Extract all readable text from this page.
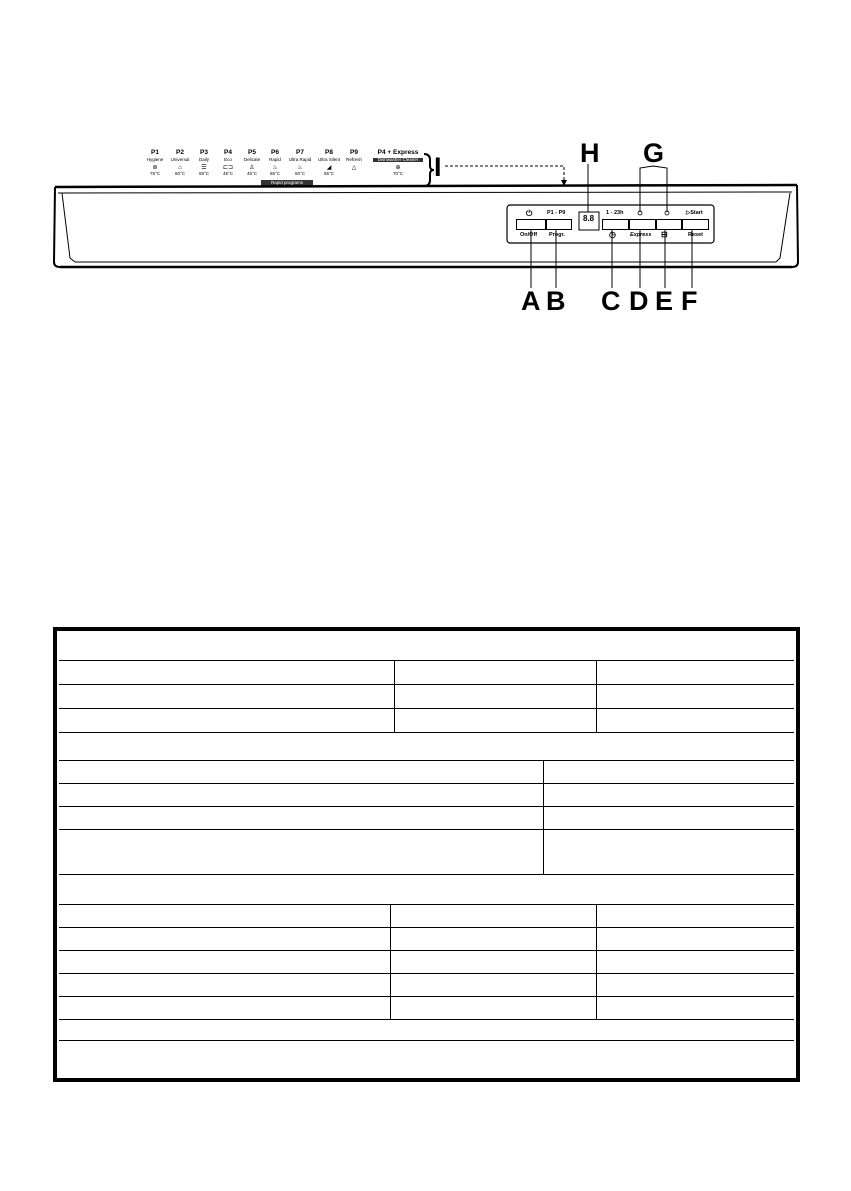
P1
Hygiene
⊛
75°C
P2
Universal
⌂
60°C
P3
Daily
☰
55°C
P4
Eco
⊏⊐
45°C
P5
Delicate
♙
45°C
P6
Rapid
♨
65°C
P7
Ultra Rapid
♨
50°C
P8
Ultra Silent
◢
55°C
P9
Refresh
△
P4 + Express
Dishwasher Cleaner
⊕
70°C
Rapid programs
⏻	P1 - P9
8.8
1 - 23h	▷Start
On/Off Progr.	◷	Express ⊟	Reset
H G
I
A B C D E F
